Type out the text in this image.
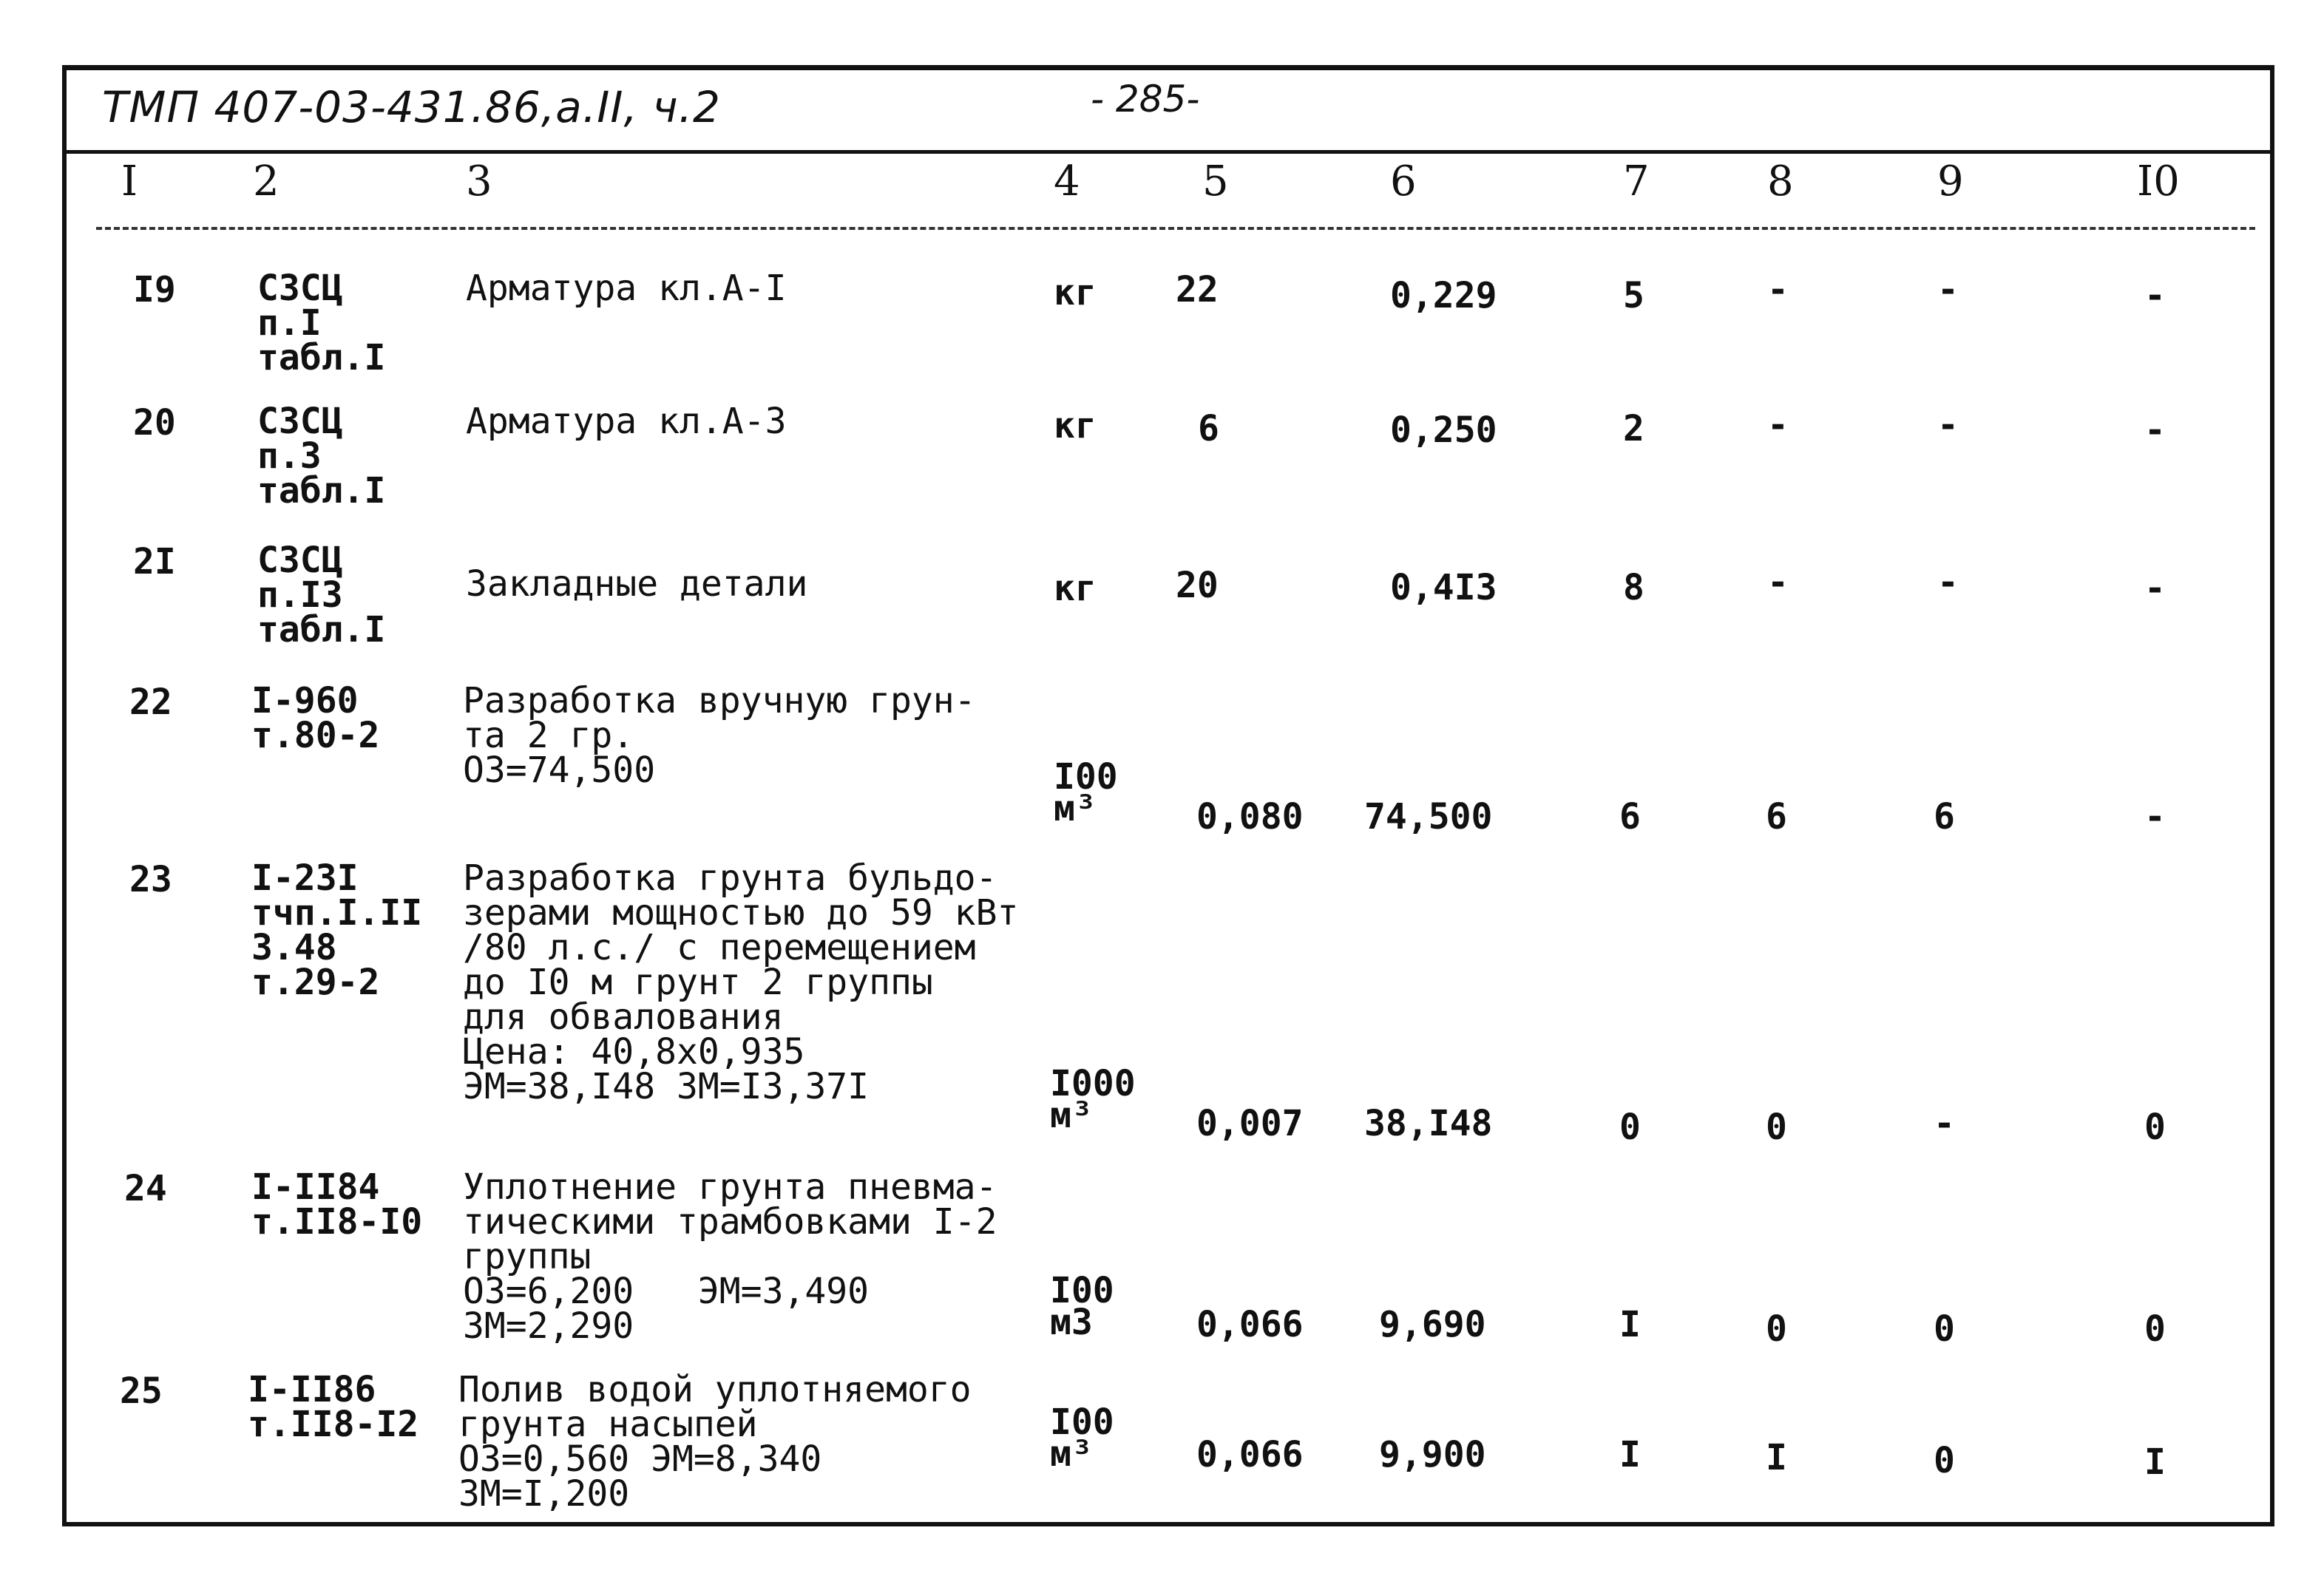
ТМП 407-03-431.86,а.II, ч.2	- 285-
I	2	3	4	5	6	7	8	9	I0
I9 СЗСЦ
п.I
табл.I
Арматура кл.А-I	кг 22	0,229	5	-	-	-
20 СЗСЦ
п.3
табл.I
Арматура кл.А-3	кг	6	0,250	2	-	-	-
2I СЗСЦ
п.I3
табл.I
Закладные детали	кг 20	0,4I3	8	-	-	-
22 I-960
т.80-2
Разработка вручную грун-
та 2 гр.
ОЗ=74,500	I00
м³	0,080 74,500	6	6	6	-
23 I-23I
тчп.I.II
3.48
т.29-2
Разработка грунта бульдо-
зерами мощностью до 59 кВт
/80 л.с./ с перемещением
до I0 м грунт 2 группы
для обвалования
Цена: 40,8х0,935
ЭМ=38,I48 ЗМ=I3,37I	I000
м³	0,007 38,I48	0	0	-	0
24 I-II84
т.II8-I0
Уплотнение грунта пневма-
тическими трамбовками I-2
группы
ОЗ=6,200   ЭМ=3,490
ЗМ=2,290
I00
м3	0,066 9,690	I	0	0	0
25 I-II86
т.II8-I2
Полив водой уплотняемого
грунта насыпей
ОЗ=0,560 ЭМ=8,340
ЗМ=I,200
I00
м³	0,066 9,900	I	I	0	I
